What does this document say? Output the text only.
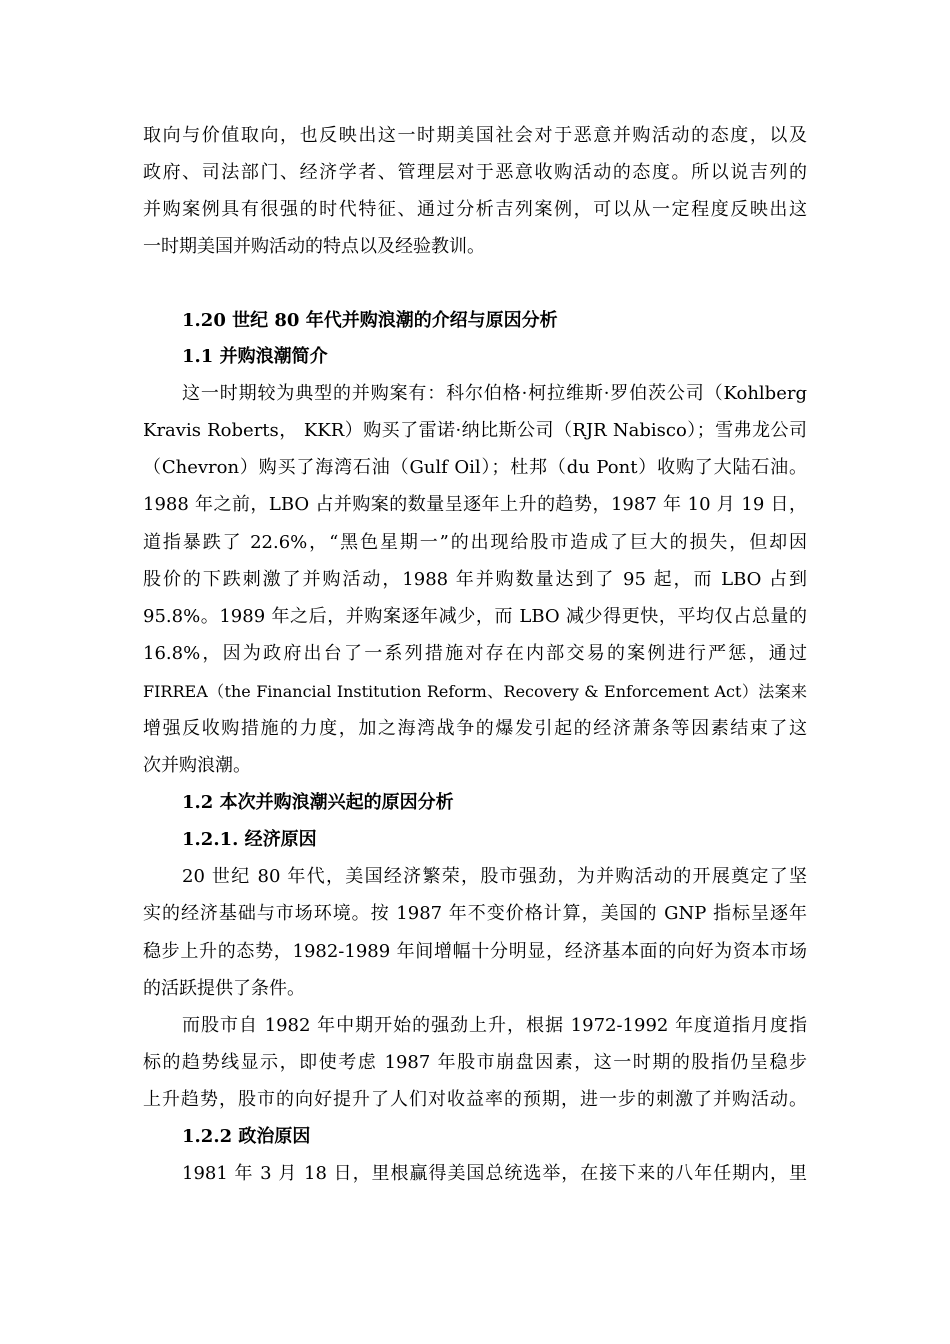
取向与价值取向，也反映出这一时期美国社会对于恶意并购活动的态度，以及
政府、司法部门、经济学者、管理层对于恶意收购活动的态度。所以说吉列的
并购案例具有很强的时代特征、通过分析吉列案例，可以从一定程度反映出这
一时期美国并购活动的特点以及经验教训。
1.20 世纪 80 年代并购浪潮的介绍与原因分析
1.1 并购浪潮简介
这一时期较为典型的并购案有：科尔伯格·柯拉维斯·罗伯茨公司（Kohlberg
Kravis Roberts， KKR）购买了雷诺·纳比斯公司（RJR Nabisco）；雪弗龙公司
（Chevron）购买了海湾石油（Gulf Oil）；杜邦（du Pont）收购了大陆石油。
1988 年之前，LBO 占并购案的数量呈逐年上升的趋势，1987 年 10 月 19 日，
道指暴跌了 22.6%，“黑色星期一”的出现给股市造成了巨大的损失，但却因
股价的下跌刺激了并购活动，1988 年并购数量达到了 95 起，而 LBO 占到
95.8%。1989 年之后，并购案逐年减少，而 LBO 减少得更快，平均仅占总量的
16.8%，因为政府出台了一系列措施对存在内部交易的案例进行严惩，通过
FIRREA（the Financial Institution Reform、Recovery & Enforcement Act）法案来
增强反收购措施的力度，加之海湾战争的爆发引起的经济萧条等因素结束了这
次并购浪潮。
1.2 本次并购浪潮兴起的原因分析
1.2.1. 经济原因
20 世纪 80 年代，美国经济繁荣，股市强劲，为并购活动的开展奠定了坚
实的经济基础与市场环境。按 1987 年不变价格计算，美国的 GNP 指标呈逐年
稳步上升的态势，1982-1989 年间增幅十分明显，经济基本面的向好为资本市场
的活跃提供了条件。
而股市自 1982 年中期开始的强劲上升，根据 1972-1992 年度道指月度指
标的趋势线显示，即使考虑 1987 年股市崩盘因素，这一时期的股指仍呈稳步
上升趋势，股市的向好提升了人们对收益率的预期，进一步的刺激了并购活动。
1.2.2 政治原因
1981 年 3 月 18 日，里根赢得美国总统选举，在接下来的八年任期内，里
